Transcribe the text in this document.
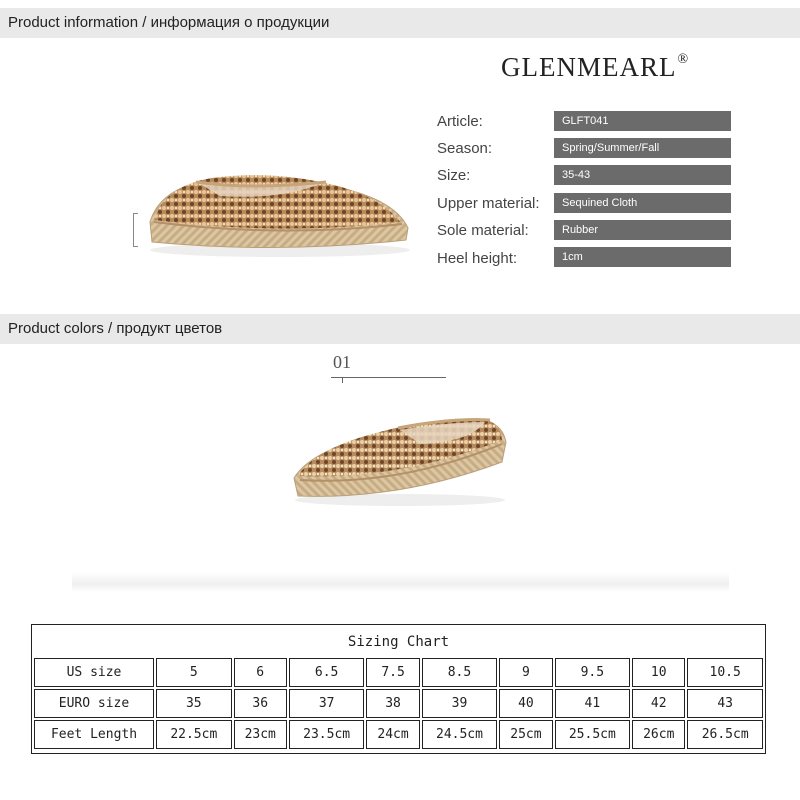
Product information / информация о продукции
GLENMEARL®
Article:	GLFT041
Season:	Spring/Summer/Fall
Size:	35-43
Upper material:	Sequined Cloth
Sole material:	Rubber
Heel height:	1cm
Product colors / продукт цветов
01
Sizing Chart									
US size	5	6	6.5	7.5	8.5	9	9.5	10	10.5
EURO size	35	36	37	38	39	40	41	42	43
Feet Length	22.5cm	23cm	23.5cm	24cm	24.5cm	25cm	25.5cm	26cm	26.5cm
